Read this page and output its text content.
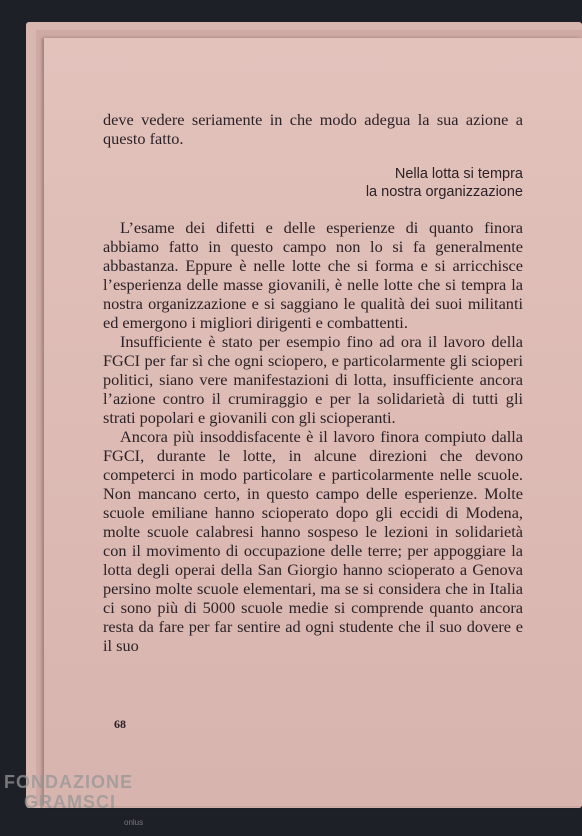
deve vedere seriamente in che modo adegua la sua azione a questo fatto.

Nella lotta si tempra
la nostra organizzazione

L’esame dei difetti e delle esperienze di quanto finora abbiamo fatto in questo campo non lo si fa generalmente abbastanza. Eppure è nelle lotte che si forma e si arricchisce l’esperienza delle masse giovanili, è nelle lotte che si tempra la nostra organizzazione e si saggiano le qualità dei suoi militanti ed emergono i migliori dirigenti e combattenti.

Insufficiente è stato per esempio fino ad ora il lavoro della FGCI per far sì che ogni sciopero, e particolarmente gli scioperi politici, siano vere manifestazioni di lotta, insufficiente ancora l’azione contro il crumiraggio e per la solidarietà di tutti gli strati popolari e giovanili con gli scioperanti.

Ancora più insoddisfacente è il lavoro finora compiuto dalla FGCI, durante le lotte, in alcune direzioni che devono competerci in modo particolare e particolarmente nelle scuole. Non mancano certo, in questo campo delle esperienze. Molte scuole emiliane hanno scioperato dopo gli eccidi di Modena, molte scuole calabresi hanno sospeso le lezioni in solidarietà con il movimento di occupazione delle terre; per appoggiare la lotta degli operai della San Giorgio hanno scioperato a Genova persino molte scuole elementari, ma se si considera che in Italia ci sono più di 5000 scuole medie si comprende quanto ancora resta da fare per far sentire ad ogni studente che il suo dovere e il suo

68
FONDAZIONE
GRAMSCI
onlus
